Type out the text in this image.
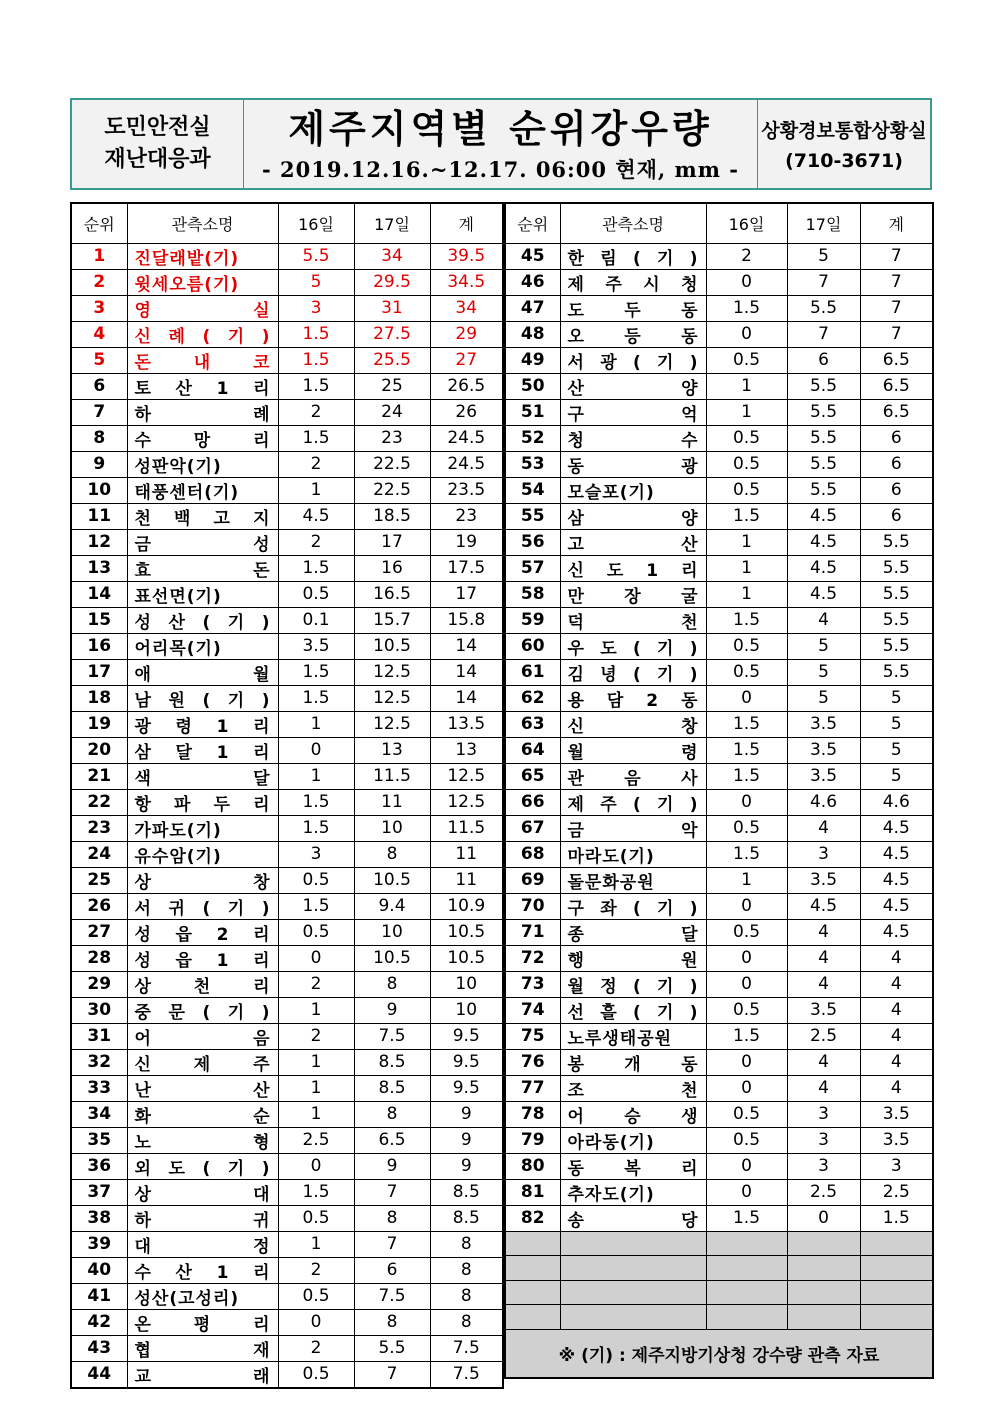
도민안전실
재난대응과
제주지역별 순위강우량
- 2019.12.16.~12.17. 06:00 현재, mm -
상황경보통합상황실
(710-3671)
순위	관측소명	16일	17일	계
1	진달래밭(기)	5.5	34	39.5
2	윗세오름(기)	5	29.5	34.5
3	영 실	3	31	34
4	신 례 ( 기 )	1.5	27.5	29
5	돈 내 코	1.5	25.5	27
6	토 산 1 리	1.5	25	26.5
7	하 례	2	24	26
8	수 망 리	1.5	23	24.5
9	성판악(기)	2	22.5	24.5
10	태풍센터(기)	1	22.5	23.5
11	천 백 고 지	4.5	18.5	23
12	금 성	2	17	19
13	효 돈	1.5	16	17.5
14	표선면(기)	0.5	16.5	17
15	성 산 ( 기 )	0.1	15.7	15.8
16	어리목(기)	3.5	10.5	14
17	애 월	1.5	12.5	14
18	남 원 ( 기 )	1.5	12.5	14
19	광 령 1 리	1	12.5	13.5
20	삼 달 1 리	0	13	13
21	색 달	1	11.5	12.5
22	항 파 두 리	1.5	11	12.5
23	가파도(기)	1.5	10	11.5
24	유수암(기)	3	8	11
25	상 창	0.5	10.5	11
26	서 귀 ( 기 )	1.5	9.4	10.9
27	성 읍 2 리	0.5	10	10.5
28	성 읍 1 리	0	10.5	10.5
29	상 천 리	2	8	10
30	중 문 ( 기 )	1	9	10
31	어 음	2	7.5	9.5
32	신 제 주	1	8.5	9.5
33	난 산	1	8.5	9.5
34	화 순	1	8	9
35	노 형	2.5	6.5	9
36	외 도 ( 기 )	0	9	9
37	상 대	1.5	7	8.5
38	하 귀	0.5	8	8.5
39	대 정	1	7	8
40	수 산 1 리	2	6	8
41	성산(고성리)	0.5	7.5	8
42	온 평 리	0	8	8
43	협 재	2	5.5	7.5
44	교 래	0.5	7	7.5
순위	관측소명	16일	17일	계
45	한 림 ( 기 )	2	5	7
46	제 주 시 청	0	7	7
47	도 두 동	1.5	5.5	7
48	오 등 동	0	7	7
49	서 광 ( 기 )	0.5	6	6.5
50	산 양	1	5.5	6.5
51	구 억	1	5.5	6.5
52	청 수	0.5	5.5	6
53	동 광	0.5	5.5	6
54	모슬포(기)	0.5	5.5	6
55	삼 양	1.5	4.5	6
56	고 산	1	4.5	5.5
57	신 도 1 리	1	4.5	5.5
58	만 장 굴	1	4.5	5.5
59	덕 천	1.5	4	5.5
60	우 도 ( 기 )	0.5	5	5.5
61	김 녕 ( 기 )	0.5	5	5.5
62	용 담 2 동	0	5	5
63	신 창	1.5	3.5	5
64	월 령	1.5	3.5	5
65	관 음 사	1.5	3.5	5
66	제 주 ( 기 )	0	4.6	4.6
67	금 악	0.5	4	4.5
68	마라도(기)	1.5	3	4.5
69	돌문화공원	1	3.5	4.5
70	구 좌 ( 기 )	0	4.5	4.5
71	종 달	0.5	4	4.5
72	행 원	0	4	4
73	월 정 ( 기 )	0	4	4
74	선 흘 ( 기 )	0.5	3.5	4
75	노루생태공원	1.5	2.5	4
76	봉 개 동	0	4	4
77	조 천	0	4	4
78	어 승 생	0.5	3	3.5
79	아라동(기)	0.5	3	3.5
80	동 복 리	0	3	3
81	추자도(기)	0	2.5	2.5
82	송 당	1.5	0	1.5

※ (기) : 제주지방기상청 강수량 관측 자료				
